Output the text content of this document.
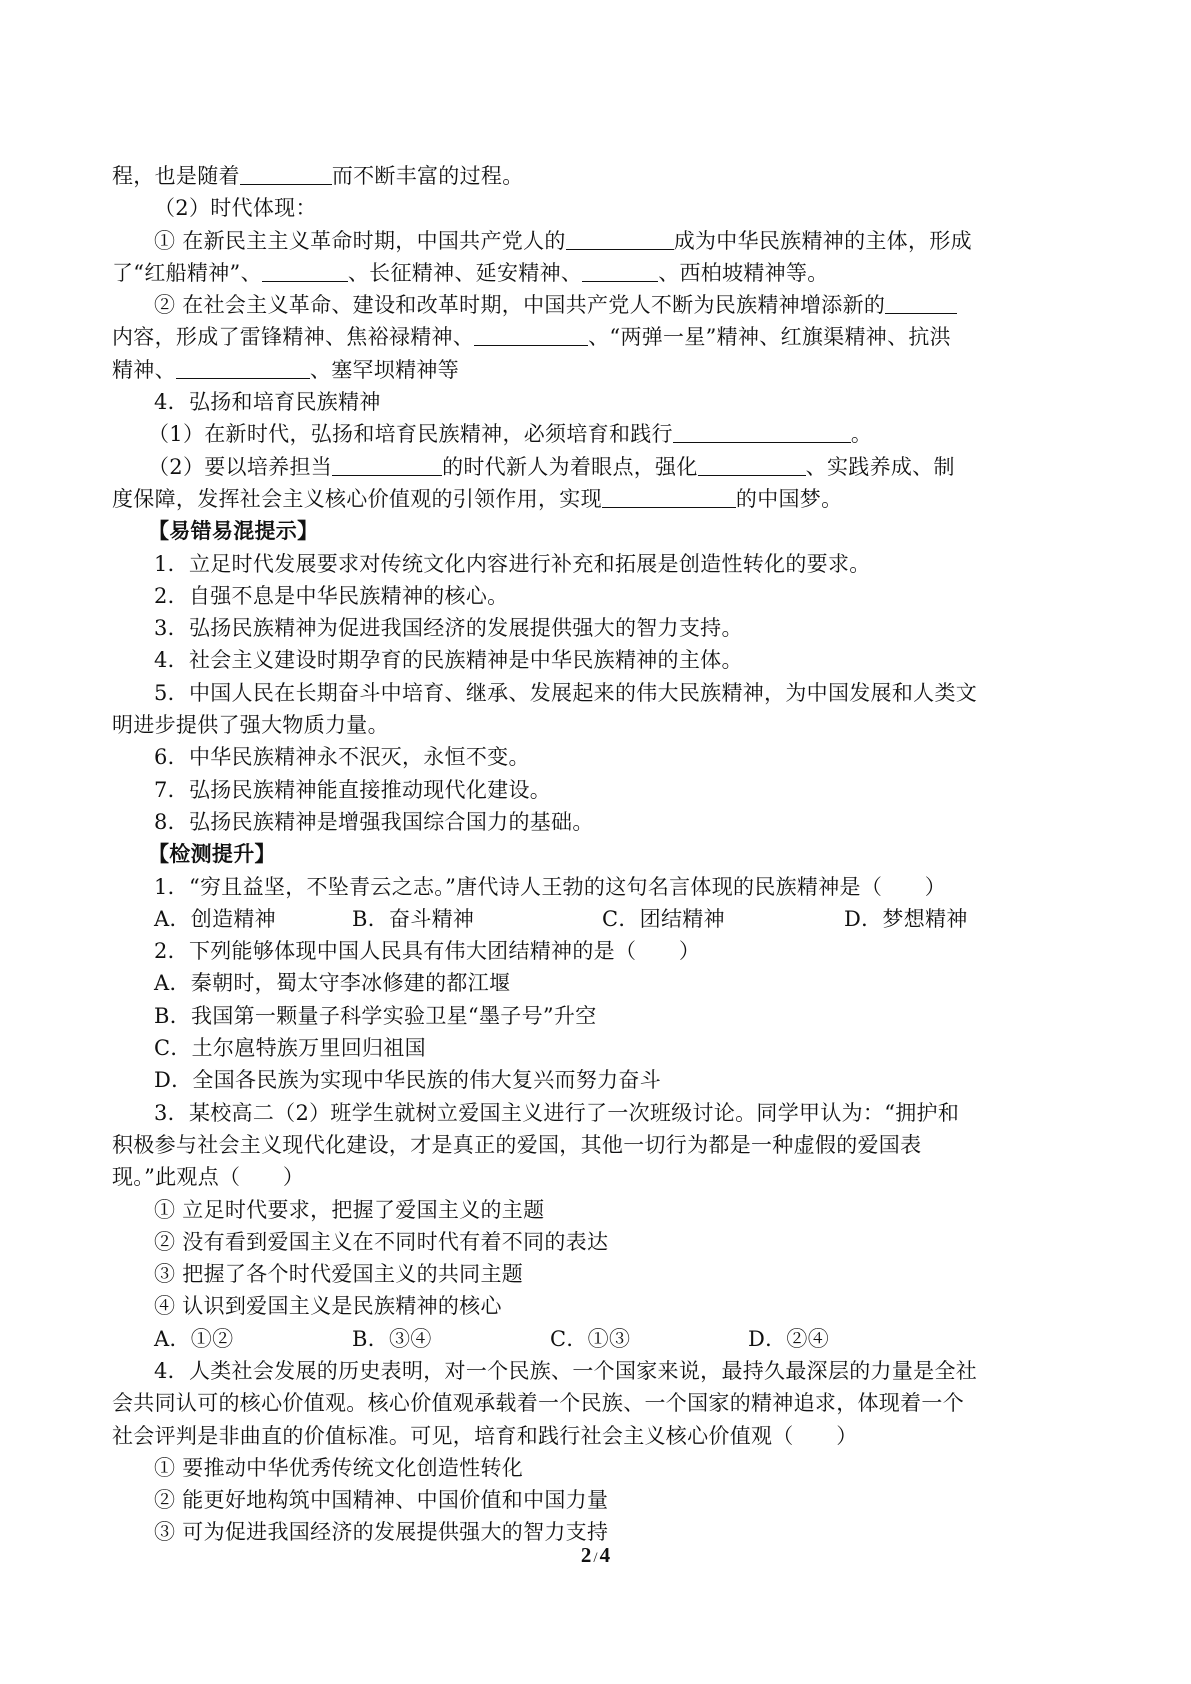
程，也是随着	而不断丰富的过程。
（2）时代体现：
① 在新民主主义革命时期，中国共产党人的	成为中华民族精神的主体，形成
了“红船精神”、	、长征精神、延安精神、	、西柏坡精神等。
② 在社会主义革命、建设和改革时期，中国共产党人不断为民族精神增添新的
内容，形成了雷锋精神、焦裕禄精神、	、“两弹一星”精神、红旗渠精神、抗洪
精神、	、塞罕坝精神等
4．弘扬和培育民族精神
（1）在新时代，弘扬和培育民族精神，必须培育和践行	。
（2）要以培养担当	的时代新人为着眼点，强化	、实践养成、制
度保障，发挥社会主义核心价值观的引领作用，实现	的中国梦。
【易错易混提示】
1．立足时代发展要求对传统文化内容进行补充和拓展是创造性转化的要求。
2．自强不息是中华民族精神的核心。
3．弘扬民族精神为促进我国经济的发展提供强大的智力支持。
4．社会主义建设时期孕育的民族精神是中华民族精神的主体。
5．中国人民在长期奋斗中培育、继承、发展起来的伟大民族精神，为中国发展和人类文
明进步提供了强大物质力量。
6．中华民族精神永不泯灭，永恒不变。
7．弘扬民族精神能直接推动现代化建设。
8．弘扬民族精神是增强我国综合国力的基础。
【检测提升】
1．“穷且益坚，不坠青云之志。”唐代诗人王勃的这句名言体现的民族精神是（　　）
A．创造精神	B．奋斗精神	C．团结精神	D．梦想精神
2．下列能够体现中国人民具有伟大团结精神的是（　　）
A．秦朝时，蜀太守李冰修建的都江堰
B．我国第一颗量子科学实验卫星“墨子号”升空
C．土尔扈特族万里回归祖国
D．全国各民族为实现中华民族的伟大复兴而努力奋斗
3．某校高二（2）班学生就树立爱国主义进行了一次班级讨论。同学甲认为：“拥护和
积极参与社会主义现代化建设，才是真正的爱国，其他一切行为都是一种虚假的爱国表
现。”此观点（　　）
① 立足时代要求，把握了爱国主义的主题
② 没有看到爱国主义在不同时代有着不同的表达
③ 把握了各个时代爱国主义的共同主题
④ 认识到爱国主义是民族精神的核心
A．①②	B．③④	C．①③	D．②④
4．人类社会发展的历史表明，对一个民族、一个国家来说，最持久最深层的力量是全社
会共同认可的核心价值观。核心价值观承载着一个民族、一个国家的精神追求，体现着一个
社会评判是非曲直的价值标准。可见，培育和践行社会主义核心价值观（　　）
① 要推动中华优秀传统文化创造性转化
② 能更好地构筑中国精神、中国价值和中国力量
③ 可为促进我国经济的发展提供强大的智力支持
2 /4
